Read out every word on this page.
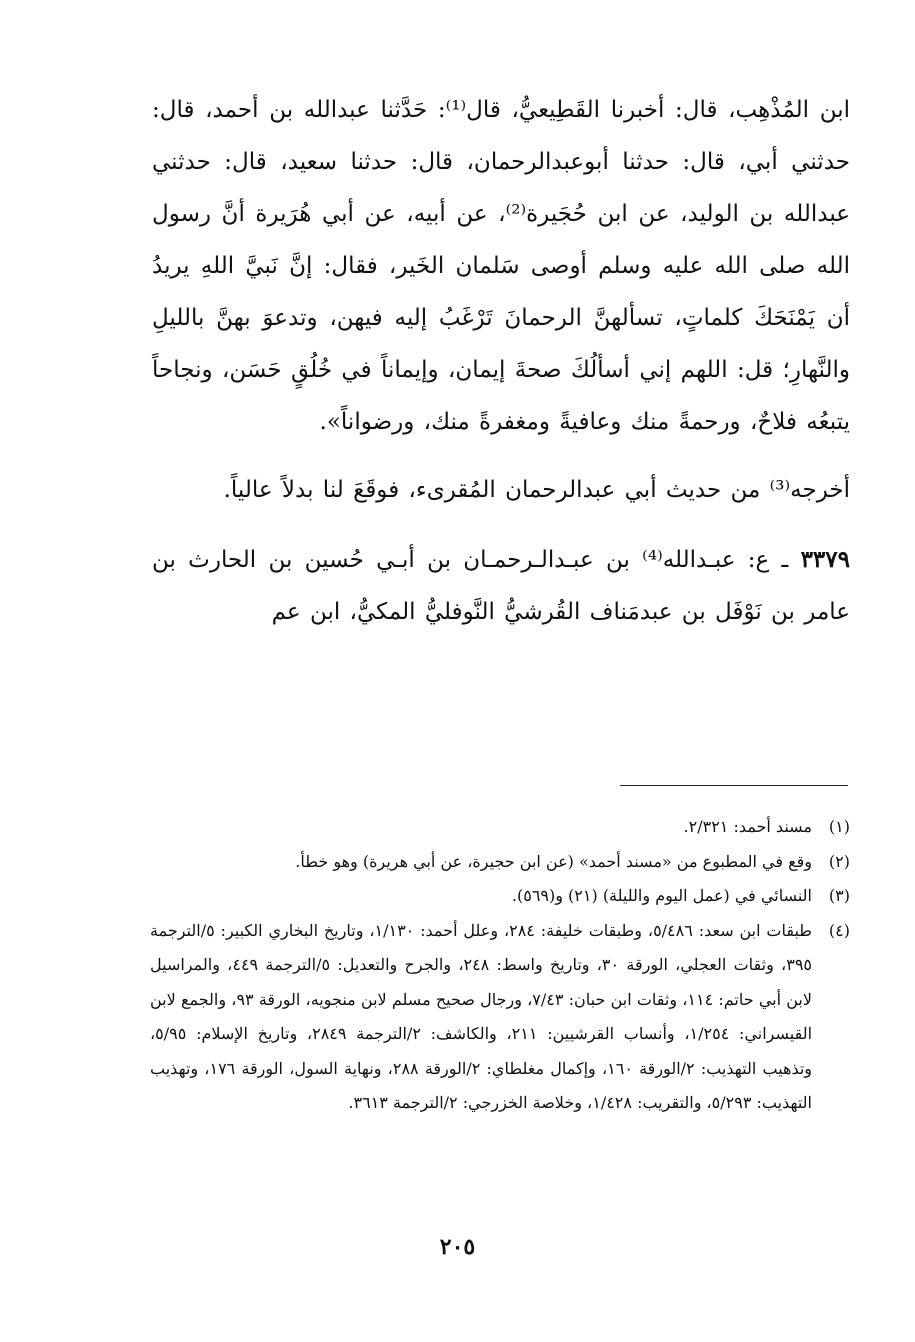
ابن المُذْهِب، قال: أخبرنا القَطِيعيُّ، قال⁽¹⁾: حَدَّثنا عبدالله بن أحمد، قال: حدثني أبي، قال: حدثنا أبوعبدالرحمان، قال: حدثنا سعيد، قال: حدثني عبدالله بن الوليد، عن ابن حُجَيرة⁽²⁾، عن أبيه، عن أبي هُرَيرة أنَّ رسول الله صلى الله عليه وسلم أوصى سَلمان الخَير، فقال: إنَّ نَبيَّ اللهِ يريدُ أن يَمْنَحَكَ كلماتٍ، تسألهنَّ الرحمانَ تَرْغَبُ إليه فيهن، وتدعوَ بهنَّ بالليلِ والنَّهارِ؛ قل: اللهم إني أسألُكَ صحةَ إيمان، وإيماناً في خُلُقٍ حَسَن، ونجاحاً يتبعُه فلاحٌ، ورحمةً منك وعافيةً ومغفرةً منك، ورضواناً».

أخرجه⁽³⁾ من حديث أبي عبدالرحمان المُقرىء، فوقَعَ لنا بدلاً عالياً.

٣٣٧٩ ـ ع: عبـدالله⁽⁴⁾ بن عبـدالـرحمـان بن أبـي حُسين بن الحارث بن عامر بن نَوْفَل بن عبدمَناف القُرشيُّ النَّوفليُّ المكيُّ، ابن عم

(١)
مسند أحمد: ٢/٣٢١.
(٢)
وقع في المطبوع من «مسند أحمد» (عن ابن حجيرة، عن أبي هريرة) وهو خطأ.
(٣)
النسائي في (عمل اليوم والليلة) (٢١) و(٥٦٩).
(٤)
طبقات ابن سعد: ٥/٤٨٦، وطبقات خليفة: ٢٨٤، وعلل أحمد: ١/١٣٠، وتاريخ البخاري الكبير: ٥/الترجمة ٣٩٥، وثقات العجلي، الورقة ٣٠، وتاريخ واسط: ٢٤٨، والجرح والتعديل: ٥/الترجمة ٤٤٩، والمراسيل لابن أبي حاتم: ١١٤، وثقات ابن حبان: ٧/٤٣، ورجال صحيح مسلم لابن منجويه، الورقة ٩٣، والجمع لابن القيسراني: ١/٢٥٤، وأنساب القرشيين: ٢١١، والكاشف: ٢/الترجمة ٢٨٤٩، وتاريخ الإسلام: ٥/٩٥، وتذهيب التهذيب: ٢/الورقة ١٦٠، وإكمال مغلطاي: ٢/الورقة ٢٨٨، ونهاية السول، الورقة ١٧٦، وتهذيب التهذيب: ٥/٢٩٣، والتقريب: ١/٤٢٨، وخلاصة الخزرجي: ٢/الترجمة ٣٦١٣.
٢٠٥
